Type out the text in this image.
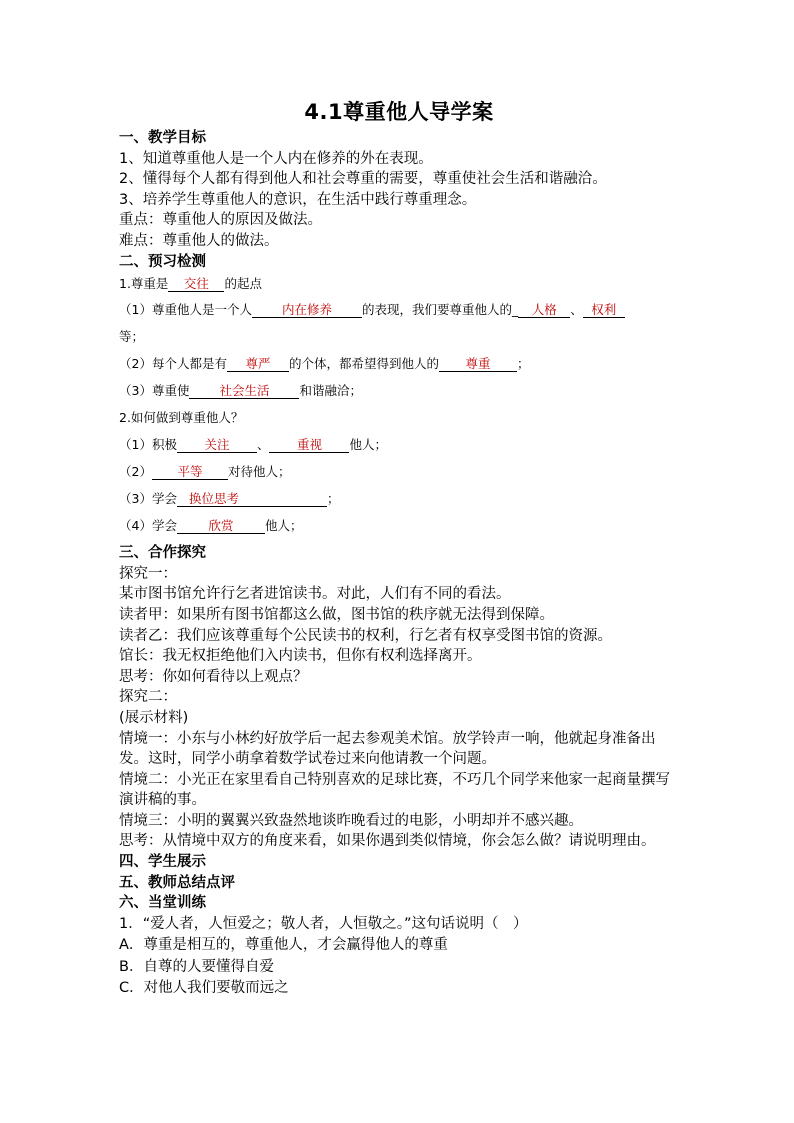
4.1尊重他人导学案
一、教学目标
1、知道尊重他人是一个人内在修养的外在表现。
2、懂得每个人都有得到他人和社会尊重的需要，尊重使社会生活和谐融洽。
3、培养学生尊重他人的意识，在生活中践行尊重理念。
重点：尊重他人的原因及做法。
难点：尊重他人的做法。
二、预习检测
1.尊重是 交往 的起点
（1）尊重他人是一个人 内在修养 的表现，我们要尊重他人的_ 人格 、 权利
等；
（2）每个人都是有 尊严 的个体，都希望得到他人的 尊重 ；
（3）尊重使 社会生活 和谐融洽；
2.如何做到尊重他人？
（1）积极 关注 、 重视 他人；
（2） 平等 对待他人；
（3）学会 换位思考	；
（4）学会	欣赏	他人；
三、合作探究
探究一：
某市图书馆允许行乞者进馆读书。对此，人们有不同的看法。
读者甲：如果所有图书馆都这么做，图书馆的秩序就无法得到保障。
读者乙：我们应该尊重每个公民读书的权利，行乞者有权享受图书馆的资源。
馆长：我无权拒绝他们入内读书，但你有权利选择离开。
思考：你如何看待以上观点？
探究二：
(展示材料)
情境一：小东与小林约好放学后一起去参观美术馆。放学铃声一响，他就起身准备出发。这时，同学小萌拿着数学试卷过来向他请教一个问题。
情境二：小光正在家里看自己特别喜欢的足球比赛，不巧几个同学来他家一起商量撰写演讲稿的事。
情境三：小明的翼翼兴致盎然地谈昨晚看过的电影，小明却并不感兴趣。
思考：从情境中双方的角度来看，如果你遇到类似情境，你会怎么做？请说明理由。
四、学生展示
五、教师总结点评
六、当堂训练
1．“爱人者，人恒爱之；敬人者，人恒敬之。”这句话说明（　）
A．尊重是相互的，尊重他人，才会赢得他人的尊重
B．自尊的人要懂得自爱
C．对他人我们要敬而远之
